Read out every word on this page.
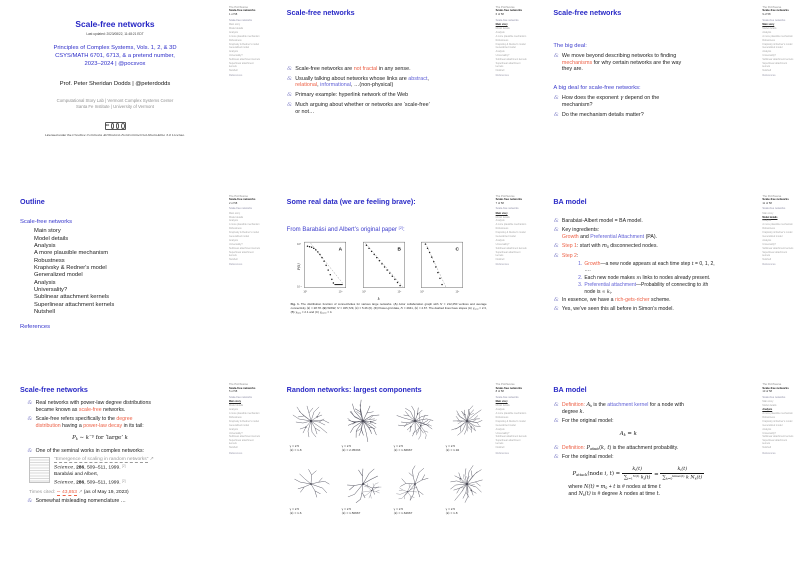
Scale-free networks
Last updated: 2023/08/22, 11:48:21 EDT
Principles of Complex Systems, Vols. 1, 2, & 3D
CSYS/MATH 6701, 6713, & a pretend number,
2023–2024 | @pocsvox
Prof. Peter Sheridan Dodds | @peterdodds
Computational Story Lab | Vermont Complex Systems Center
Santa Fe Institute | University of Vermont
cc
Licensed under the Creative Commons Attribution-NonCommercial-ShareAlike 3.0 License.
The PoCSverse
Scale-free networks
1 of 58
Scale-free networks
Main story
Model details
Analysis
A more plausible mechanism
Robustness
Krapivsky & Redner's model
Generalized model
Analysis
Universality?
Sublinear attachment kernels
Superlinear attachment kernels
Nutshell
References
Scale-free networks
& Scale-free networks are not fractal in any sense.
& Usually talking about networks whose links are abstract, relational, informational, …(non-physical)
& Primary example: hyperlink network of the Web
& Much arguing about whether or networks are ‘scale-free’ or not…
The PoCSverse
Scale-free networks
6 of 58
Scale-free networks
Main story
Model details
Analysis
A more plausible mechanism
Robustness
Krapivsky & Redner's model
Generalized model
Analysis
Universality?
Sublinear attachment kernels
Superlinear attachment kernels
Nutshell
References
Scale-free networks
The big deal:
& We move beyond describing networks to finding mechanisms for why certain networks are the way they are.
A big deal for scale-free networks:
& How does the exponent γ depend on the mechanism?
& Do the mechanism details matter?
The PoCSverse
Scale-free networks
9 of 58
Scale-free networks
Main story
Model details
Analysis
A more plausible mechanism
Robustness
Krapivsky & Redner's model
Generalized model
Analysis
Universality?
Sublinear attachment kernels
Superlinear attachment kernels
Nutshell
References
Outline
Scale-free networks
Main story
Model details
Analysis
A more plausible mechanism
Robustness
Krapivsky & Redner's model
Generalized model
Analysis
Universality?
Sublinear attachment kernels
Superlinear attachment kernels
Nutshell
References
The PoCSverse
Scale-free networks
2 of 58
Scale-free networks
Main story
Model details
Analysis
A more plausible mechanism
Robustness
Krapivsky & Redner's model
Generalized model
Analysis
Universality?
Sublinear attachment kernels
Superlinear attachment kernels
Nutshell
References
Some real data (we are feeling brave):
From Barabási and Albert’s original paper [2]:
P(k)
10⁰
10⁻⁴
10⁰	10⁴
A
10⁰	10⁴
B
10⁰	10⁴
C
k
Fig. 1. The distribution function of connectivities for various large networks. (A) Actor collaboration graph with N = 212,250 vertices and average connectivity ⟨k⟩ = 28.78. (B) WWW, N = 325,729, ⟨k⟩ = 5.46 (6). (C) Power-grid data, N = 4941, ⟨k⟩ = 2.67. The dashed lines have slopes (A) $\gamma_{actor} = 2.3$, (B) $\gamma_{www} = 2.1$ and (C) $\gamma_{power} = 4$.
The PoCSverse
Scale-free networks
7 of 58
Scale-free networks
Main story
Model details
Analysis
A more plausible mechanism
Robustness
Krapivsky & Redner's model
Generalized model
Analysis
Universality?
Sublinear attachment kernels
Superlinear attachment kernels
Nutshell
References
BA model
& Barabási-Albert model = BA model.
& Key ingredients:
Growth and Preferential Attachment (PA).
& Step 1: start with $m_0$ disconnected nodes.
& Step 2:
1. Growth—a new node appears at each time step t = 0, 1, 2, ….
2. Each new node makes m links to nodes already present.
3. Preferential attachment—Probability of connecting to ith node is ∝ $k_i$.
& In essence, we have a rich-gets-richer scheme.
& Yes, we’ve seen this all before in Simon’s model.
The PoCSverse
Scale-free networks
11 of 58
Scale-free networks
Main story
Model details
Analysis
A more plausible mechanism
Robustness
Krapivsky & Redner's model
Generalized model
Analysis
Universality?
Sublinear attachment kernels
Superlinear attachment kernels
Nutshell
References
Scale-free networks
& Real networks with power-law degree distributions became known as scale-free networks.
& Scale-free refers specifically to the degree distribution having a power-law decay in its tail:
$P_k$ ∼ $k^{-\gamma}$ for ‘large’ k
& One of the seminal works in complex networks:
“Emergence of scaling in random networks” ↗
Science, 286, 509–511, 1999. [2]
Barabási and Albert,
Science, 286, 509–511, 1999. [2]
Times cited: ∼ 43,853 ↗ (as of May 19, 2023)
& Somewhat misleading nomenclature …
The PoCSverse
Scale-free networks
5 of 58
Scale-free networks
Main story
Model details
Analysis
A more plausible mechanism
Robustness
Krapivsky & Redner's model
Generalized model
Analysis
Universality?
Sublinear attachment kernels
Superlinear attachment kernels
Nutshell
References
Random networks: largest components
γ = 2.5
⟨k⟩ = 1.8
γ = 2.5
⟨k⟩ = 2.05333
γ = 2.5
⟨k⟩ = 1.66667
γ = 2.5
⟨k⟩ = 1.92
γ = 2.5
⟨k⟩ = 1.6
γ = 2.5
⟨k⟩ = 1.50667
γ = 2.5
⟨k⟩ = 1.62667
γ = 2.5
⟨k⟩ = 1.8
The PoCSverse
Scale-free networks
8 of 58
Scale-free networks
Main story
Model details
Analysis
A more plausible mechanism
Robustness
Krapivsky & Redner's model
Generalized model
Analysis
Universality?
Sublinear attachment kernels
Superlinear attachment kernels
Nutshell
References
BA model
& Definition: $A_k$ is the attachment kernel for a node with degree k.
& For the original model:
$A_k = k$
& Definition: $P_{attach}(k$, t) is the attachment probability.
& For the original model:
$P_{attach}(node$ i, $t) = \frac{k_i(t)}{\sum_{j=1}^{N(t)} k_j(t)} = \frac{k_i(t)}{\sum_{k=0}^{kmax(t)} k N_k(t)}$
where $N(t) = m_0 + t$ is # nodes at time t
and $N_k(t)$ is # degree k nodes at time t.
The PoCSverse
Scale-free networks
13 of 58
Scale-free networks
Main story
Model details
Analysis
A more plausible mechanism
Robustness
Krapivsky & Redner's model
Generalized model
Analysis
Universality?
Sublinear attachment kernels
Superlinear attachment kernels
Nutshell
References
